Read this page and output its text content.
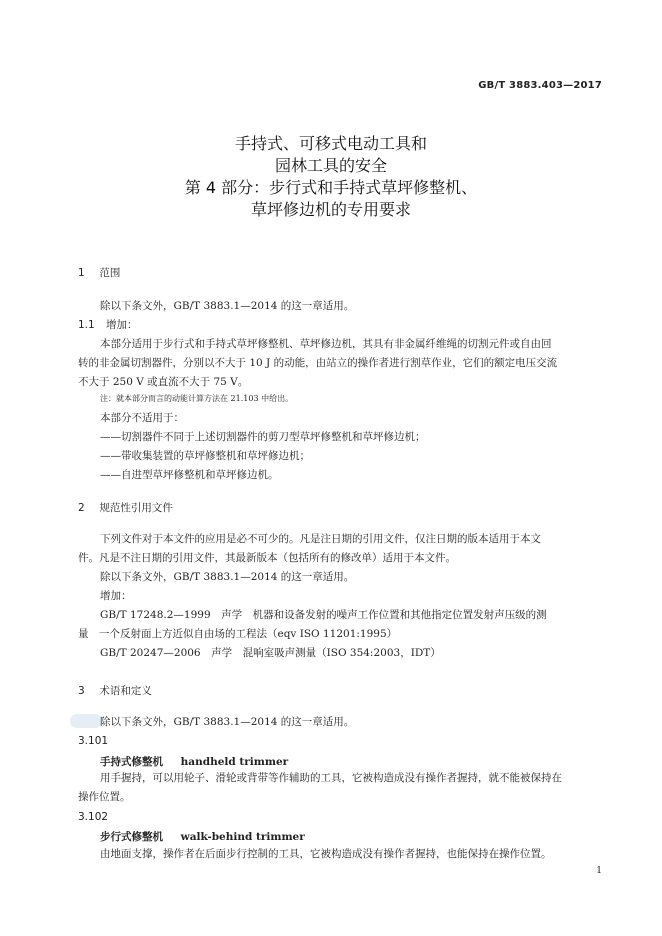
GB/T 3883.403—2017
手持式、可移式电动工具和
园林工具的安全
第 4 部分：步行式和手持式草坪修整机、
草坪修边机的专用要求
1 范围
除以下条文外，GB/T 3883.1—2014 的这一章适用。
1.1 增加：
本部分适用于步行式和手持式草坪修整机、草坪修边机，其具有非金属纤维绳的切割元件或自由回
转的非金属切割器件，分别以不大于 10 J 的动能，由站立的操作者进行割草作业，它们的额定电压交流
不大于 250 V 或直流不大于 75 V。
注：就本部分而言的动能计算方法在 21.103 中给出。
本部分不适用于：
——切割器件不同于上述切割器件的剪刀型草坪修整机和草坪修边机；
——带收集装置的草坪修整机和草坪修边机；
——自进型草坪修整机和草坪修边机。
2 规范性引用文件
下列文件对于本文件的应用是必不可少的。凡是注日期的引用文件，仅注日期的版本适用于本文
件。凡是不注日期的引用文件，其最新版本（包括所有的修改单）适用于本文件。
除以下条文外，GB/T 3883.1—2014 的这一章适用。
增加：
GB/T 17248.2—1999　声学　机器和设备发射的噪声工作位置和其他指定位置发射声压级的测
量　一个反射面上方近似自由场的工程法（eqv ISO 11201:1995）
GB/T 20247—2006　声学　混响室吸声测量（ISO 354:2003，IDT）
3 术语和定义
除以下条文外，GB/T 3883.1—2014 的这一章适用。
3.101
手持式修整机 handheld trimmer
用手握持，可以用轮子、滑轮或背带等作辅助的工具，它被构造成没有操作者握持，就不能被保持在
操作位置。
3.102
步行式修整机 walk-behind trimmer
由地面支撑，操作者在后面步行控制的工具，它被构造成没有操作者握持，也能保持在操作位置。
1
